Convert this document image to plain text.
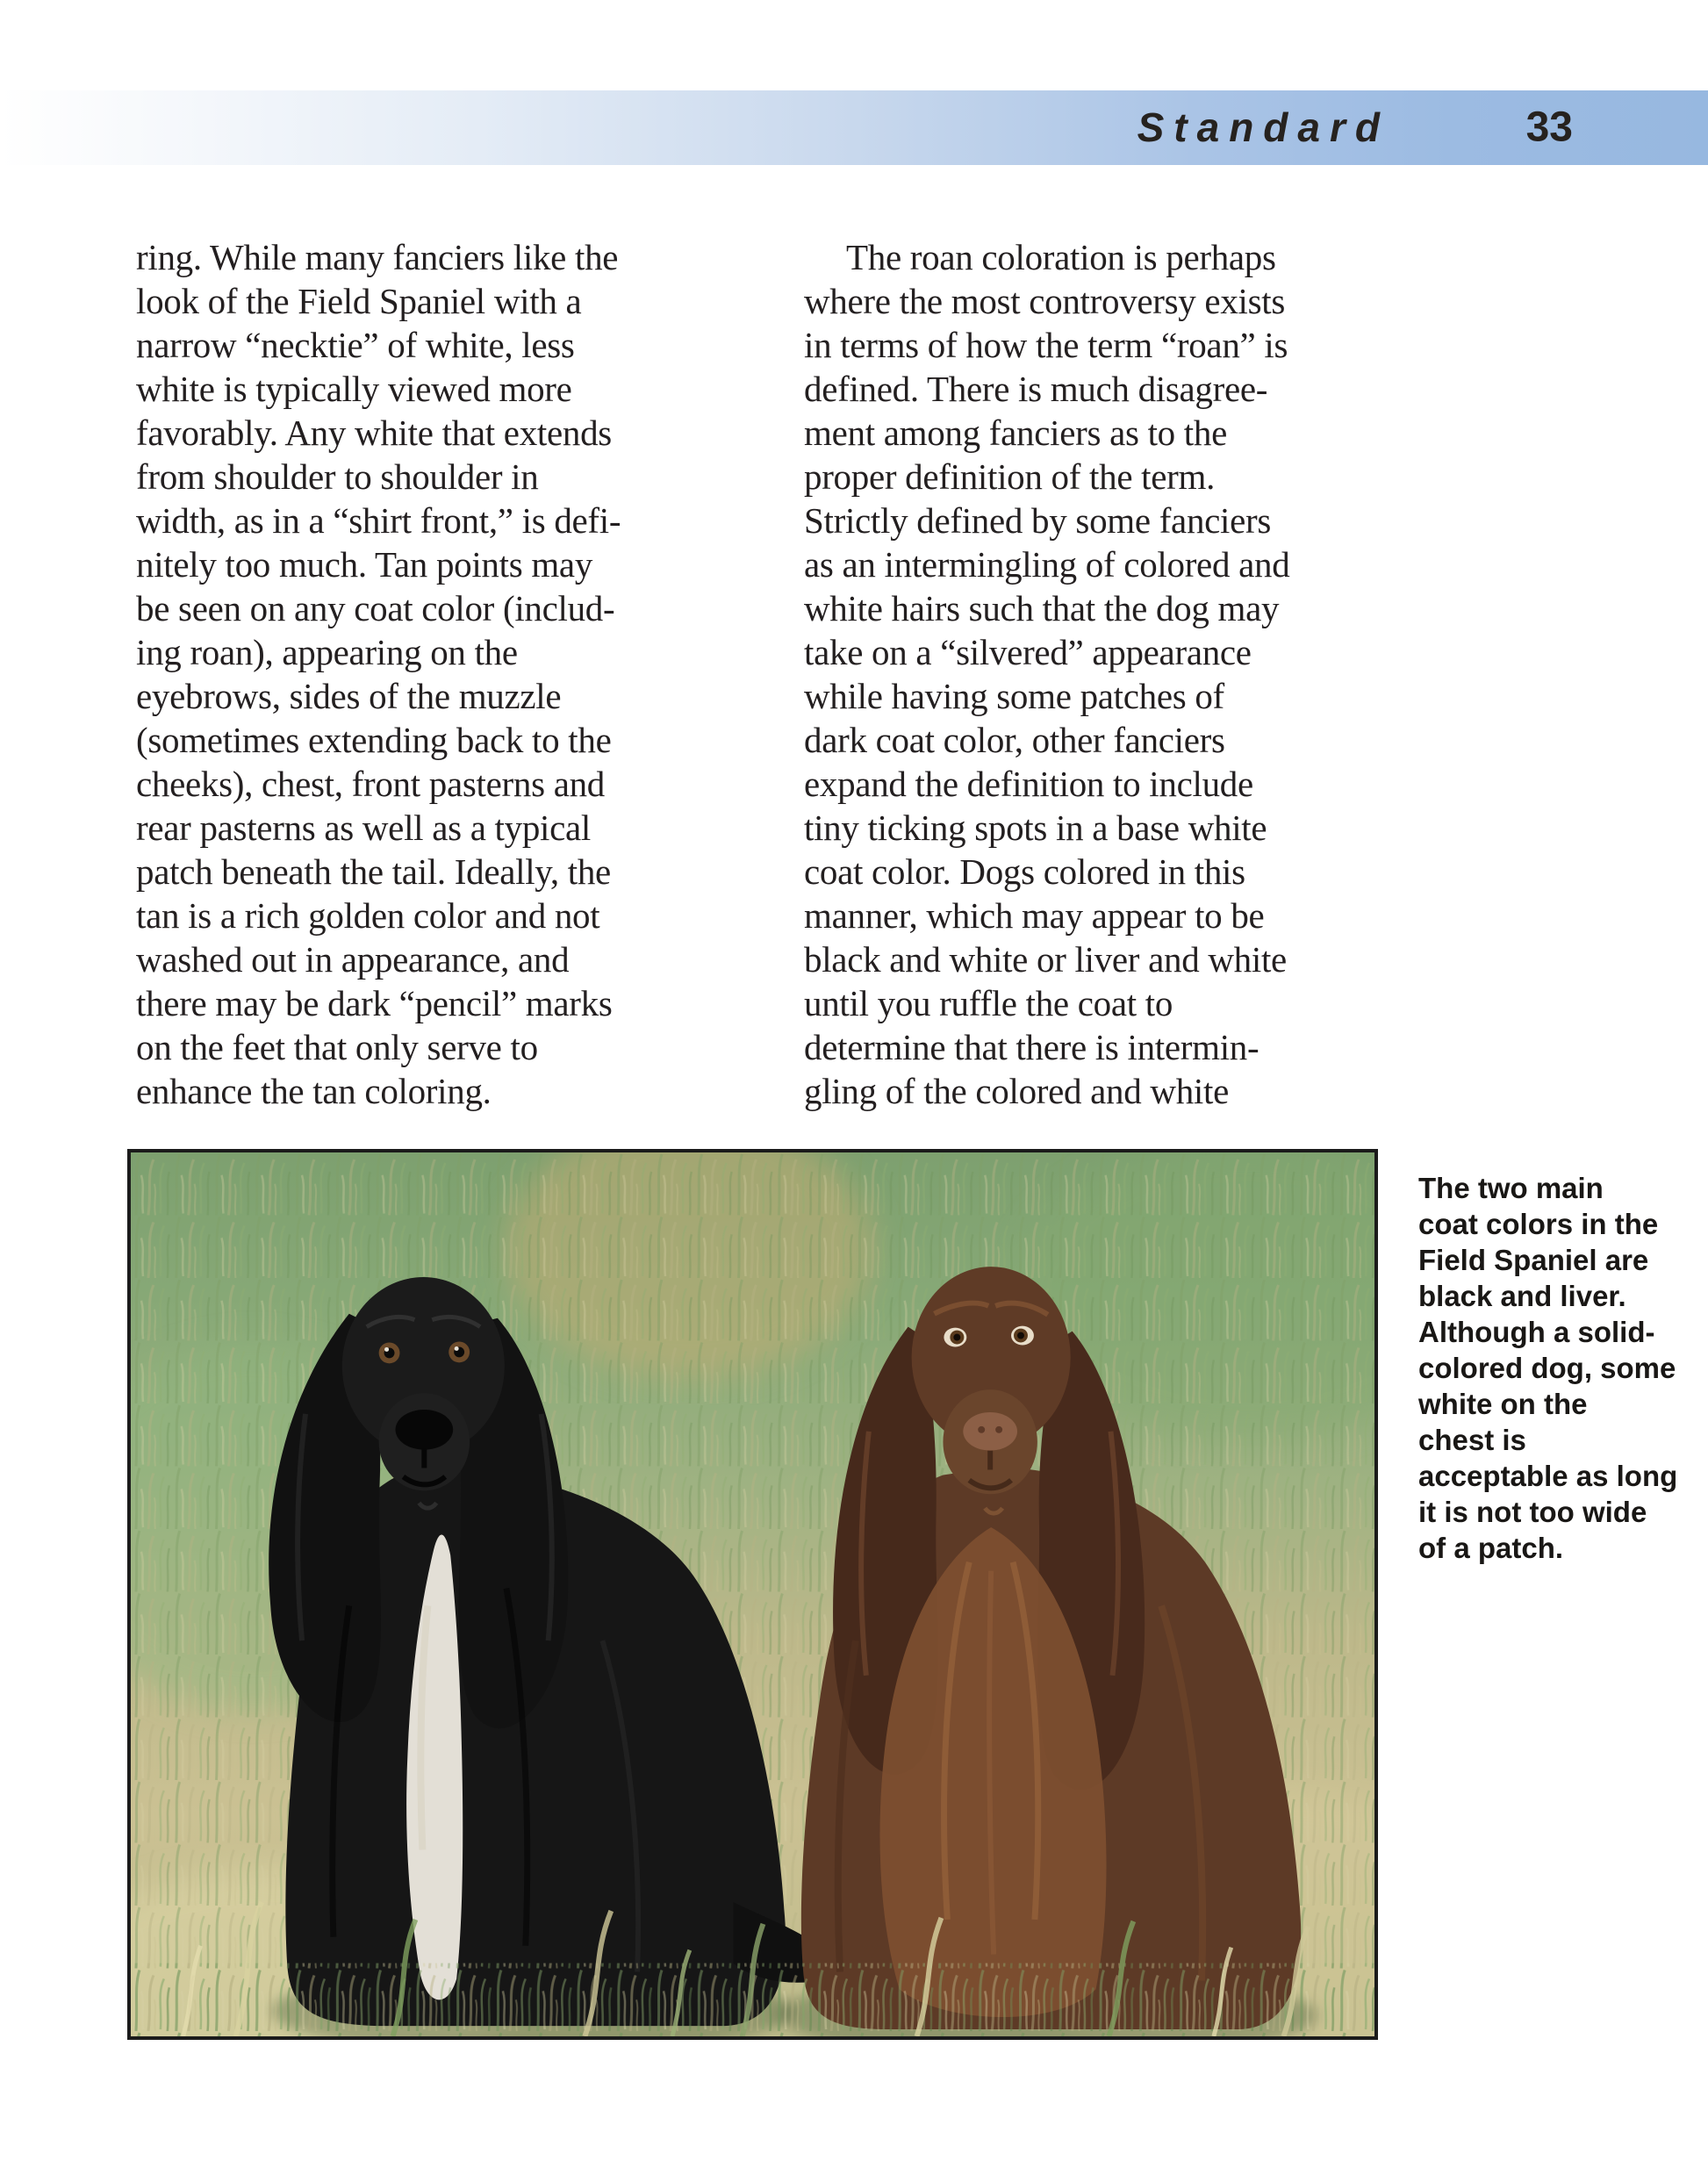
Standard	33
ring. While many fanciers like the
look of the Field Spaniel with a
narrow “necktie” of white, less
white is typically viewed more
favorably. Any white that extends
from shoulder to shoulder in
width, as in a “shirt front,” is defi-
nitely too much. Tan points may
be seen on any coat color (includ-
ing roan), appearing on the
eyebrows, sides of the muzzle
(sometimes extending back to the
cheeks), chest, front pasterns and
rear pasterns as well as a typical
patch beneath the tail. Ideally, the
tan is a rich golden color and not
washed out in appearance, and
there may be dark “pencil” marks
on the feet that only serve to
enhance the tan coloring.
The roan coloration is perhaps
where the most controversy exists
in terms of how the term “roan” is
defined. There is much disagree-
ment among fanciers as to the
proper definition of the term.
Strictly defined by some fanciers
as an intermingling of colored and
white hairs such that the dog may
take on a “silvered” appearance
while having some patches of
dark coat color, other fanciers
expand the definition to include
tiny ticking spots in a base white
coat color. Dogs colored in this
manner, which may appear to be
black and white or liver and white
until you ruffle the coat to
determine that there is intermin-
gling of the colored and white
The two main
coat colors in the
Field Spaniel are
black and liver.
Although a solid-
colored dog, some
white on the
chest is
acceptable as long
it is not too wide
of a patch.
